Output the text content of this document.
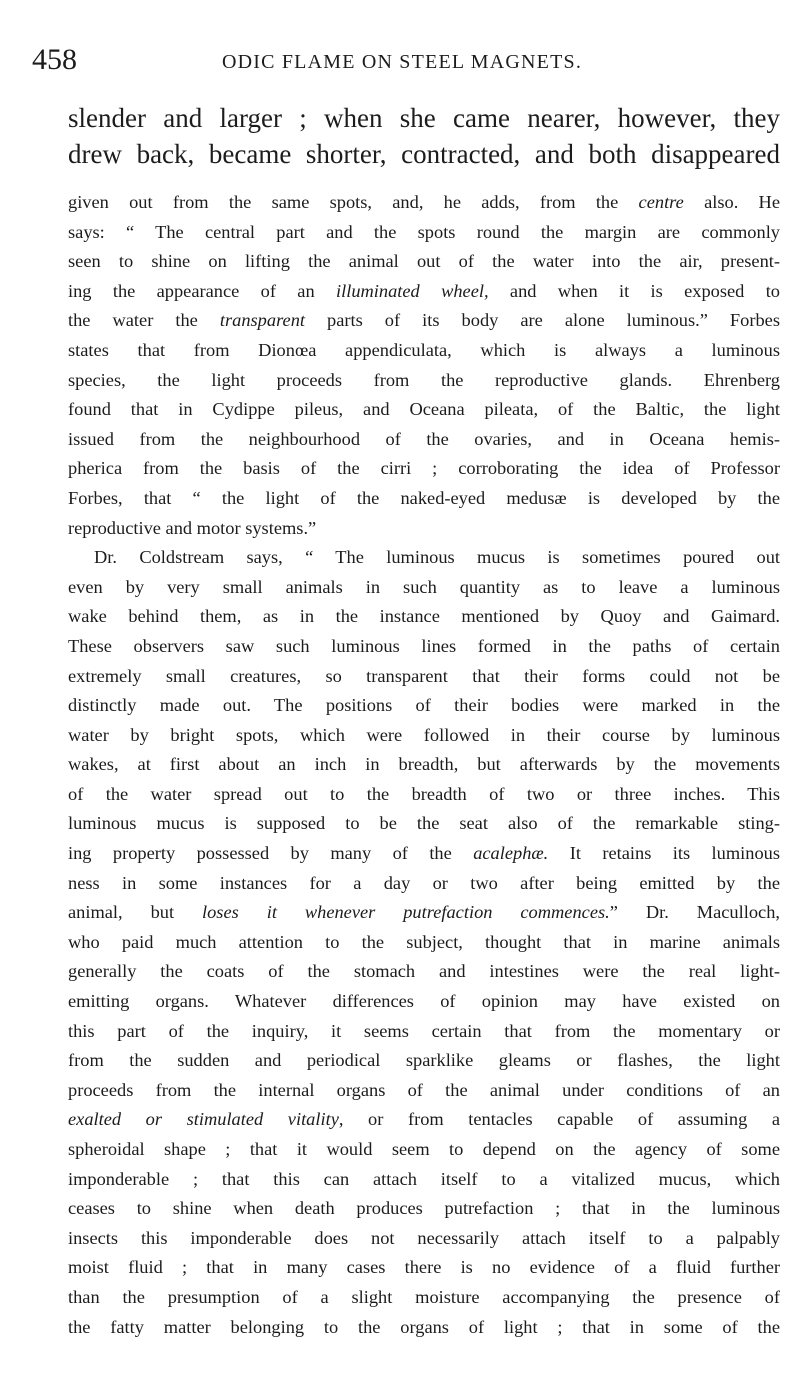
458	ODIC FLAME ON STEEL MAGNETS.
slender and larger ; when she came nearer, however, they
drew back, became shorter, contracted, and both disappeared
given out from the same spots, and, he adds, from the centre also. He
says: “ The central part and the spots round the margin are commonly
seen to shine on lifting the animal out of the water into the air, present-
ing the appearance of an illuminated wheel, and when it is exposed to
the water the transparent parts of its body are alone luminous.” Forbes
states that from Dionœa appendiculata, which is always a luminous
species, the light proceeds from the reproductive glands. Ehrenberg
found that in Cydippe pileus, and Oceana pileata, of the Baltic, the light
issued from the neighbourhood of the ovaries, and in Oceana hemis-
pherica from the basis of the cirri ; corroborating the idea of Professor
Forbes, that “ the light of the naked-eyed medusæ is developed by the
reproductive and motor systems.”
Dr. Coldstream says, “ The luminous mucus is sometimes poured out
even by very small animals in such quantity as to leave a luminous
wake behind them, as in the instance mentioned by Quoy and Gaimard.
These observers saw such luminous lines formed in the paths of certain
extremely small creatures, so transparent that their forms could not be
distinctly made out. The positions of their bodies were marked in the
water by bright spots, which were followed in their course by luminous
wakes, at first about an inch in breadth, but afterwards by the movements
of the water spread out to the breadth of two or three inches. This
luminous mucus is supposed to be the seat also of the remarkable sting-
ing property possessed by many of the acalephæ. It retains its luminous
ness in some instances for a day or two after being emitted by the
animal, but loses it whenever putrefaction commences.” Dr. Maculloch,
who paid much attention to the subject, thought that in marine animals
generally the coats of the stomach and intestines were the real light-
emitting organs. Whatever differences of opinion may have existed on
this part of the inquiry, it seems certain that from the momentary or
from the sudden and periodical sparklike gleams or flashes, the light
proceeds from the internal organs of the animal under conditions of an
exalted or stimulated vitality, or from tentacles capable of assuming a
spheroidal shape ; that it would seem to depend on the agency of some
imponderable ; that this can attach itself to a vitalized mucus, which
ceases to shine when death produces putrefaction ; that in the luminous
insects this imponderable does not necessarily attach itself to a palpably
moist fluid ; that in many cases there is no evidence of a fluid further
than the presumption of a slight moisture accompanying the presence of
the fatty matter belonging to the organs of light ; that in some of the
